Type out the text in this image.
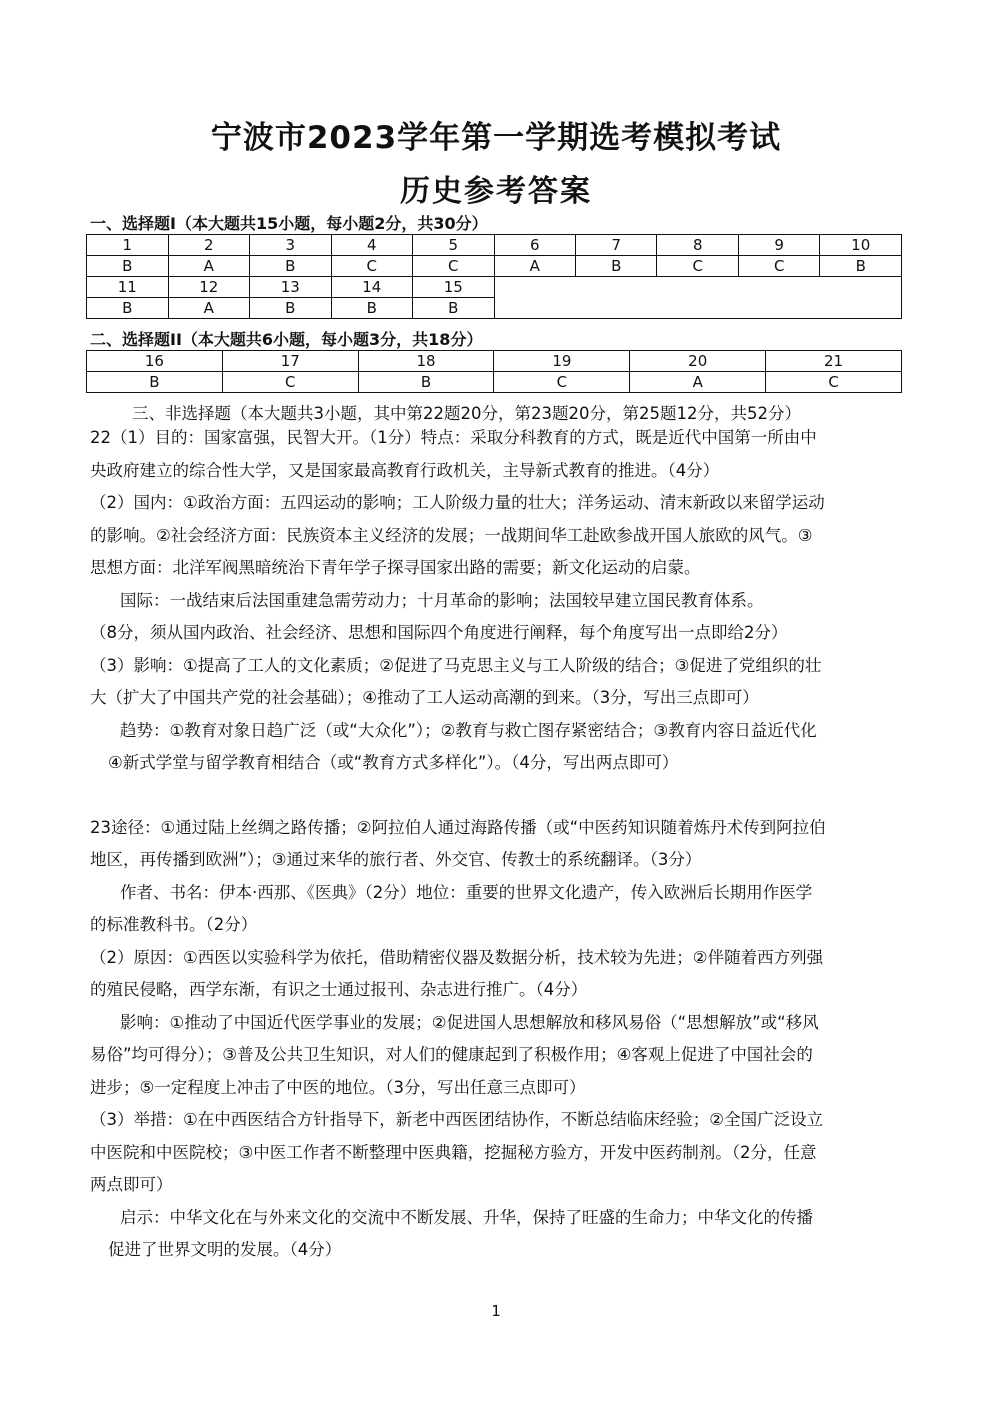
宁波市2023学年第一学期选考模拟考试
历史参考答案
一、选择题I（本大题共15小题，每小题2分，共30分）
1	2	3	4	5	6	7	8	9	10
B	A	B	C	C	A	B	C	C	B
11	12	13	14	15					
B	A	B	B	B					
二、选择题II（本大题共6小题，每小题3分，共18分）
16	17	18	19	20	21
B	C	B	C	A	C
三、非选择题（本大题共3小题，其中第22题20分，第23题20分，第25题12分，共52分）

22（1）目的：国家富强，民智大开。（1分）特点：采取分科教育的方式，既是近代中国第一所由中

央政府建立的综合性大学，又是国家最高教育行政机关，主导新式教育的推进。（4分）

（2）国内：①政治方面：五四运动的影响；工人阶级力量的壮大；洋务运动、清末新政以来留学运动

的影响。②社会经济方面：民族资本主义经济的发展；一战期间华工赴欧参战开国人旅欧的风气。③

思想方面：北洋军阀黑暗统治下青年学子探寻国家出路的需要；新文化运动的启蒙。

国际：一战结束后法国重建急需劳动力；十月革命的影响；法国较早建立国民教育体系。

（8分，须从国内政治、社会经济、思想和国际四个角度进行阐释，每个角度写出一点即给2分）

（3）影响：①提高了工人的文化素质；②促进了马克思主义与工人阶级的结合；③促进了党组织的壮

大（扩大了中国共产党的社会基础）；④推动了工人运动高潮的到来。（3分，写出三点即可）

趋势：①教育对象日趋广泛（或“大众化”）；②教育与救亡图存紧密结合；③教育内容日益近代化

④新式学堂与留学教育相结合（或“教育方式多样化”）。（4分，写出两点即可）

23途径：①通过陆上丝绸之路传播；②阿拉伯人通过海路传播（或“中医药知识随着炼丹术传到阿拉伯

地区，再传播到欧洲”）；③通过来华的旅行者、外交官、传教士的系统翻译。（3分）

作者、书名：伊本·西那、《医典》（2分）地位：重要的世界文化遗产，传入欧洲后长期用作医学

的标准教科书。（2分）

（2）原因：①西医以实验科学为依托，借助精密仪器及数据分析，技术较为先进；②伴随着西方列强

的殖民侵略，西学东渐，有识之士通过报刊、杂志进行推广。（4分）

影响：①推动了中国近代医学事业的发展；②促进国人思想解放和移风易俗（“思想解放”或“移风

易俗”均可得分）；③普及公共卫生知识，对人们的健康起到了积极作用；④客观上促进了中国社会的

进步；⑤一定程度上冲击了中医的地位。（3分，写出任意三点即可）

（3）举措：①在中西医结合方针指导下，新老中西医团结协作，不断总结临床经验；②全国广泛设立

中医院和中医院校；③中医工作者不断整理中医典籍，挖掘秘方验方，开发中医药制剂。（2分，任意

两点即可）

启示：中华文化在与外来文化的交流中不断发展、升华，保持了旺盛的生命力；中华文化的传播

促进了世界文明的发展。（4分）

1
